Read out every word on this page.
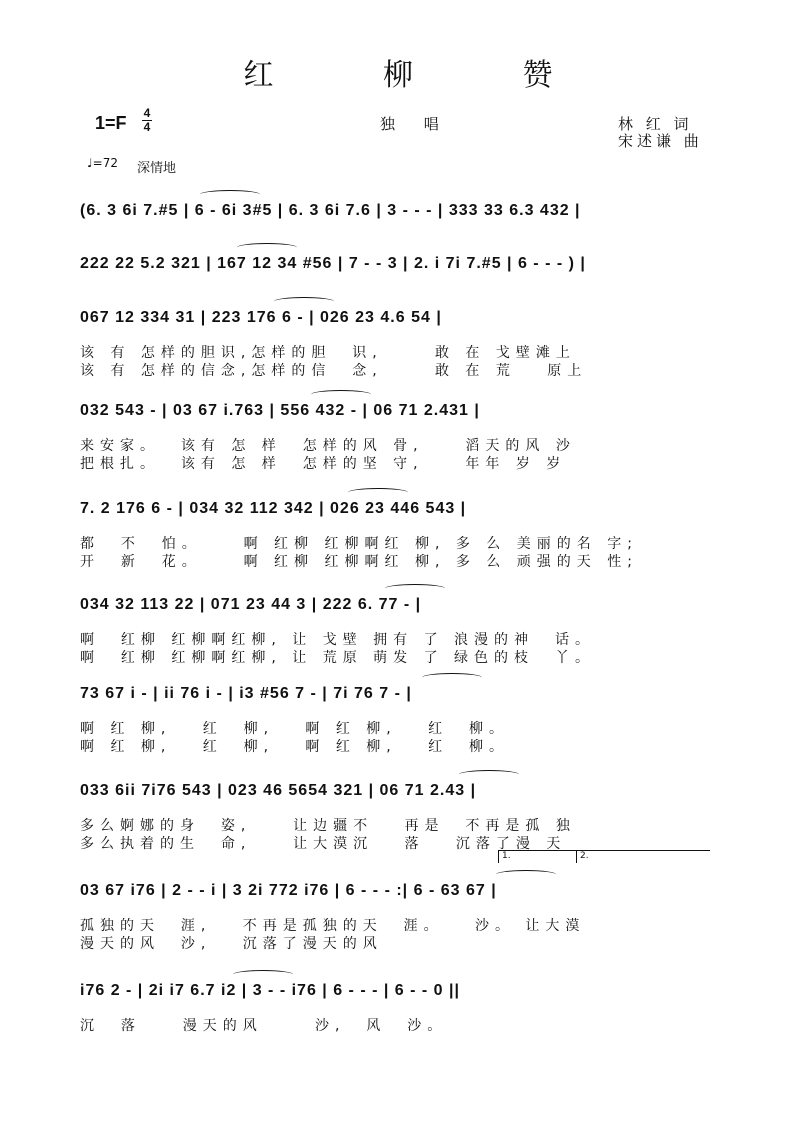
红 柳 赞
1=F 4
4	独 唱	林 红 词
宋述谦 曲
♩=72 深情地
(6. 3 6i 7.#5 | 6 - 6i 3#5 | 6. 3 6i 7.6 | 3 - - - | 333 33 6.3 432 |
222 22 5.2 321 | 167 12 34 #56 | 7 - - 3 | 2. i 7i 7.#5 | 6 - - - ) |
067 12 334 31 | 223 176 6 - | 026 23 4.6 54 |
该 有 怎样的胆识,怎样的胆  识,     敢 在 戈壁滩上
该 有 怎样的信念,怎样的信  念,     敢 在 荒   原上
032 543 - | 03 67 i.763 | 556 432 - | 06 71 2.431 |
来安家。  该有 怎 样  怎样的风 骨,    滔天的风 沙
把根扎。  该有 怎 样  怎样的坚 守,    年年 岁 岁
7. 2 176 6 - | 034 32 112 342 | 026 23 446 543 |
都  不  怕。    啊 红柳 红柳啊红 柳, 多 么 美丽的名 字;
开  新  花。    啊 红柳 红柳啊红 柳, 多 么 顽强的天 性;
034 32 113 22 | 071 23 44 3 | 222 6. 77 - |
啊  红柳 红柳啊红柳, 让 戈壁 拥有 了 浪漫的神  话。
啊  红柳 红柳啊红柳, 让 荒原 萌发 了 绿色的枝  丫。
73 67 i - | ii 76 i - | i3 #56 7 - | 7i 76 7 - |
啊 红 柳,   红  柳,   啊 红 柳,   红  柳。
啊 红 柳,   红  柳,   啊 红 柳,   红  柳。
033 6ii 7i76 543 | 023 46 5654 321 | 06 71 2.43 |
多么婀娜的身  姿,    让边疆不   再是  不再是孤 独
多么执着的生  命,    让大漠沉   落   沉落了漫 天
03 67 i76 | 2 - - i | 3 2i 772 i76 | 6 - - - :| 6 - 63 67 |
孤独的天  涯,   不再是孤独的天  涯。   沙。 让大漠
漫天的风  沙,   沉落了漫天的风
i76 2 - | 2i i7 6.7 i2 | 3 - - i76 | 6 - - - | 6 - - 0 ||
沉  落    漫天的风     沙,  风  沙。
1.	2.
